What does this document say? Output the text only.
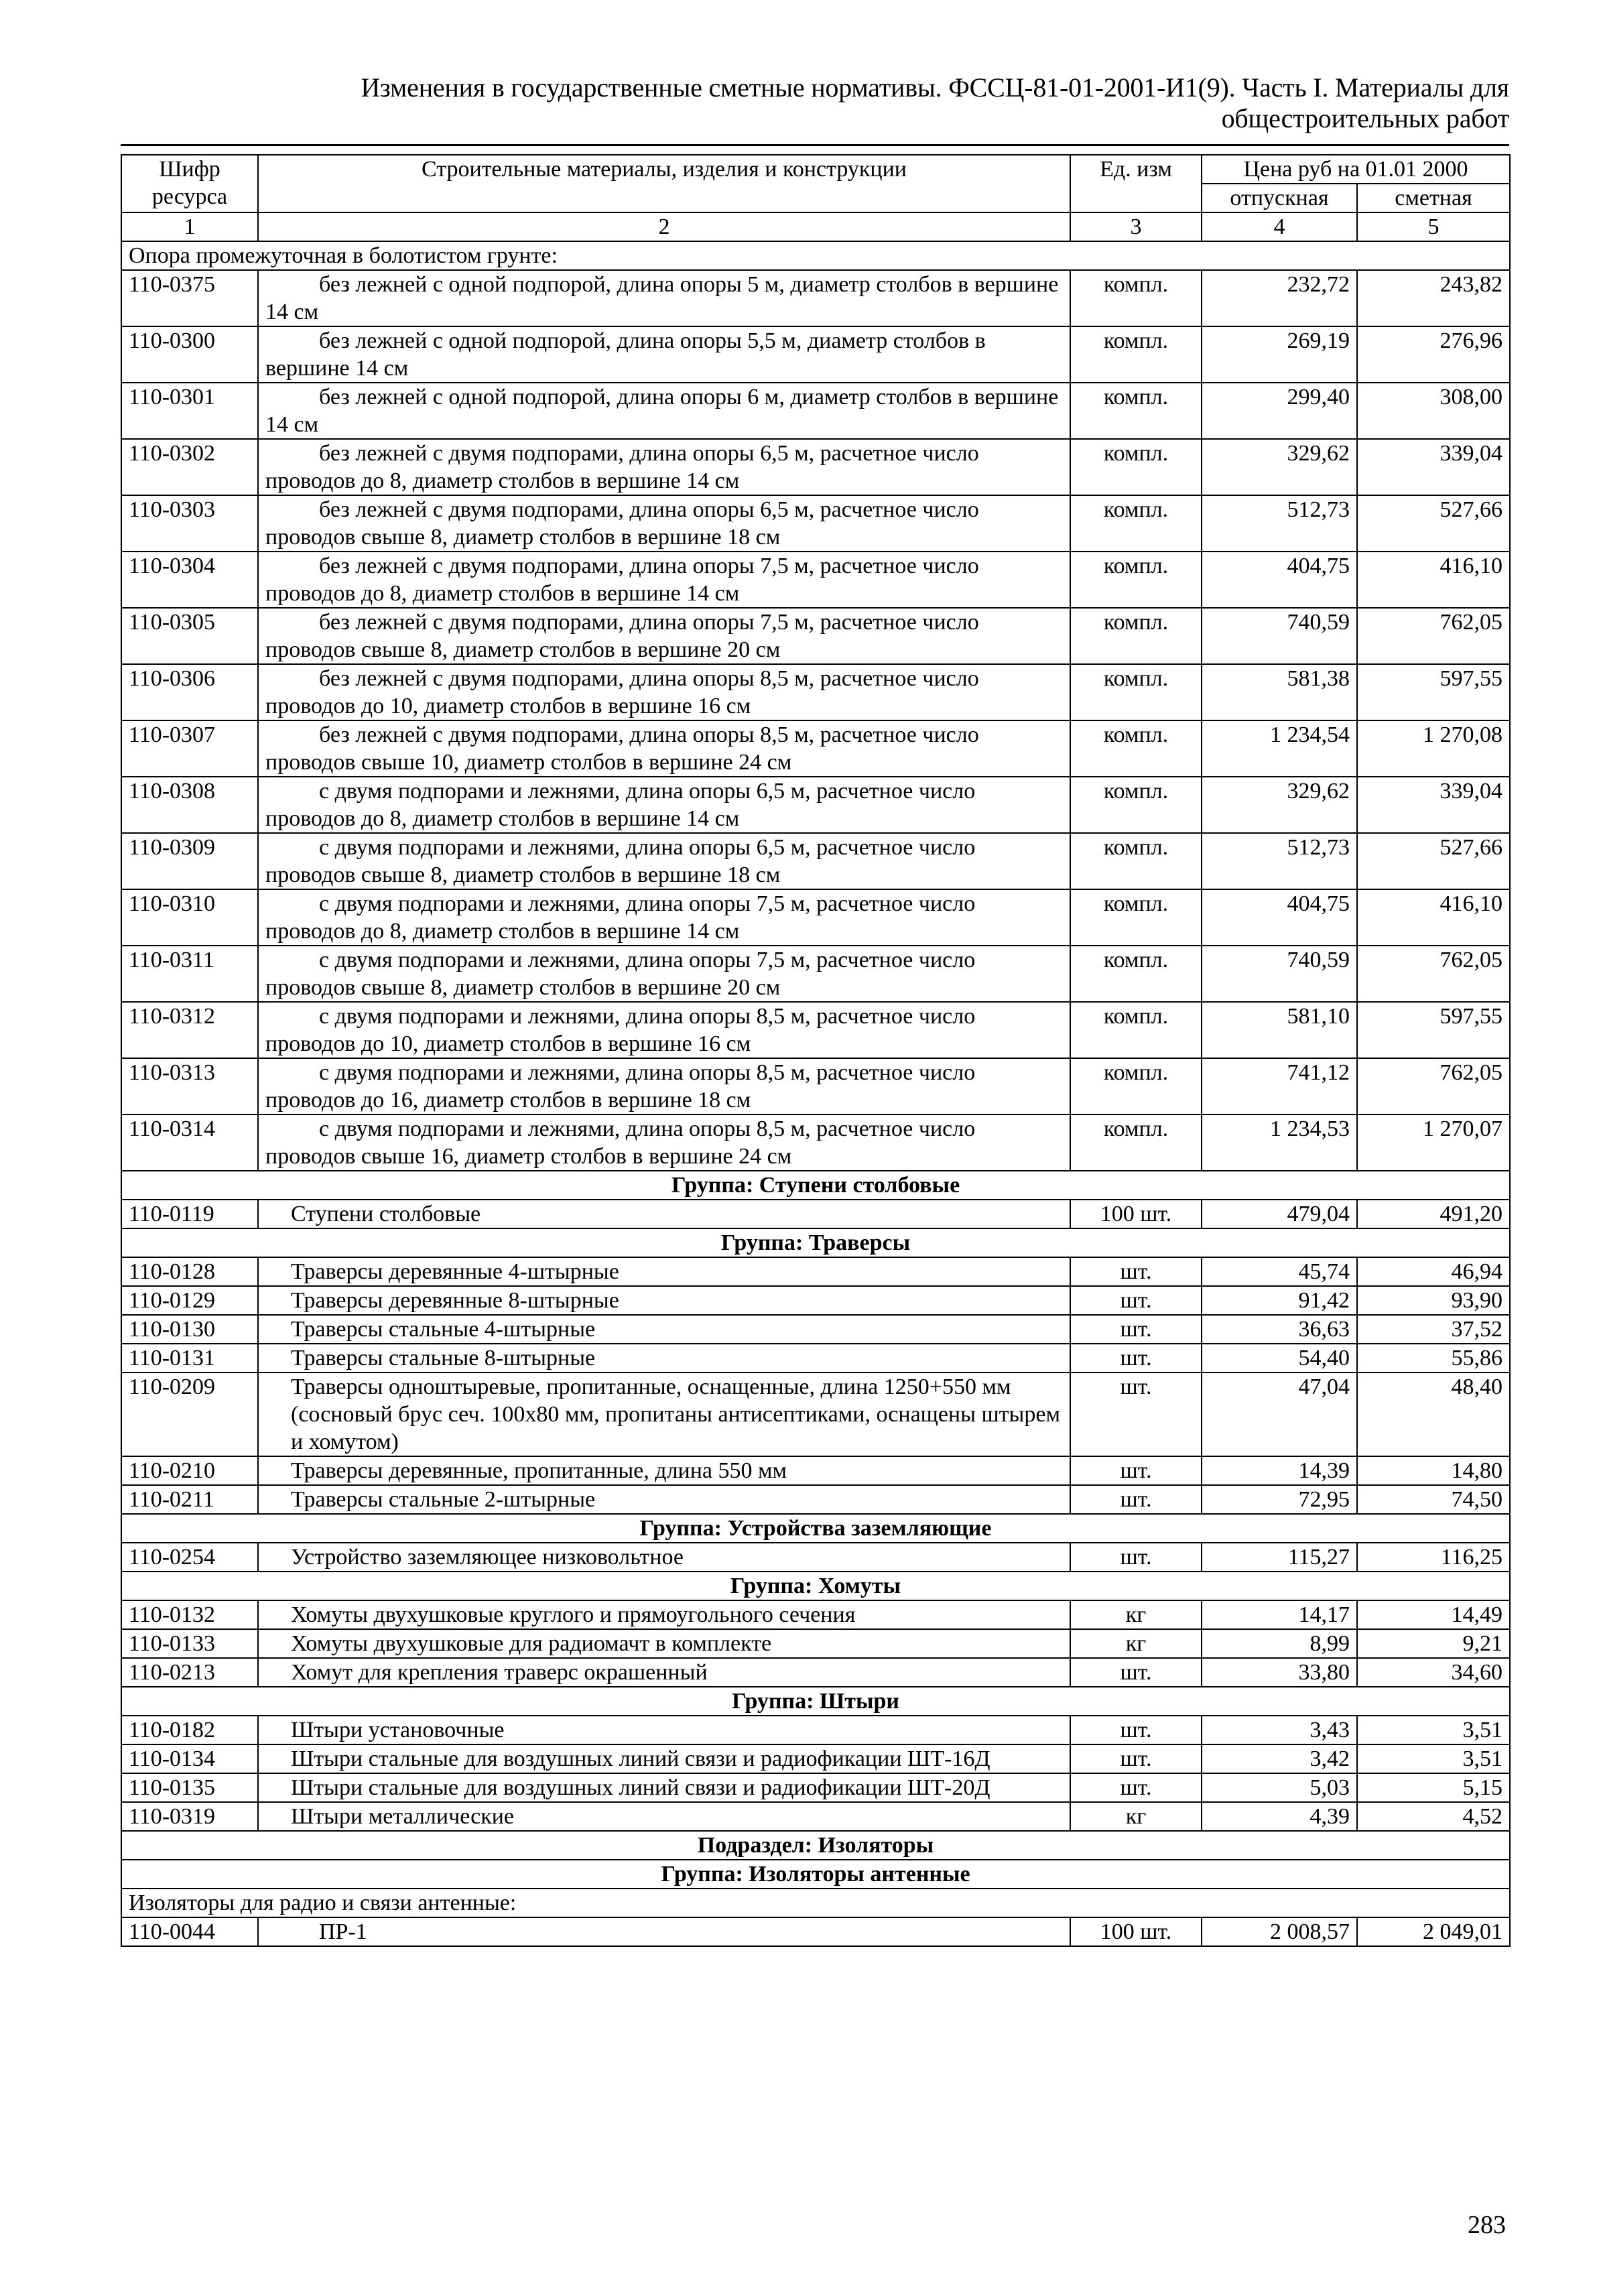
Изменения в государственные сметные нормативы. ФССЦ-81-01-2001-И1(9). Часть I. Материалы для
общестроительных работ
Шифр ресурса	Строительные материалы, изделия и конструкции	Ед. изм	Цена руб на 01.01 2000	
			отпускная	сметная
1	2	3	4	5
Опора промежуточная в болотистом грунте:				
110-0375	без лежней с одной подпорой, длина опоры 5 м, диаметр столбов в вершине 14 см	компл.	232,72	243,82
110-0300	без лежней с одной подпорой, длина опоры 5,5 м, диаметр столбов в вершине 14 см	компл.	269,19	276,96
110-0301	без лежней с одной подпорой, длина опоры 6 м, диаметр столбов в вершине 14 см	компл.	299,40	308,00
110-0302	без лежней с двумя подпорами, длина опоры 6,5 м, расчетное число проводов до 8, диаметр столбов в вершине 14 см	компл.	329,62	339,04
110-0303	без лежней с двумя подпорами, длина опоры 6,5 м, расчетное число проводов свыше 8, диаметр столбов в вершине 18 см	компл.	512,73	527,66
110-0304	без лежней с двумя подпорами, длина опоры 7,5 м, расчетное число проводов до 8, диаметр столбов в вершине 14 см	компл.	404,75	416,10
110-0305	без лежней с двумя подпорами, длина опоры 7,5 м, расчетное число проводов свыше 8, диаметр столбов в вершине 20 см	компл.	740,59	762,05
110-0306	без лежней с двумя подпорами, длина опоры 8,5 м, расчетное число проводов до 10, диаметр столбов в вершине 16 см	компл.	581,38	597,55
110-0307	без лежней с двумя подпорами, длина опоры 8,5 м, расчетное число проводов свыше 10, диаметр столбов в вершине 24 см	компл.	1 234,54	1 270,08
110-0308	с двумя подпорами и лежнями, длина опоры 6,5 м, расчетное число проводов до 8, диаметр столбов в вершине 14 см	компл.	329,62	339,04
110-0309	с двумя подпорами и лежнями, длина опоры 6,5 м, расчетное число проводов свыше 8, диаметр столбов в вершине 18 см	компл.	512,73	527,66
110-0310	с двумя подпорами и лежнями, длина опоры 7,5 м, расчетное число проводов до 8, диаметр столбов в вершине 14 см	компл.	404,75	416,10
110-0311	с двумя подпорами и лежнями, длина опоры 7,5 м, расчетное число проводов свыше 8, диаметр столбов в вершине 20 см	компл.	740,59	762,05
110-0312	с двумя подпорами и лежнями, длина опоры 8,5 м, расчетное число проводов до 10, диаметр столбов в вершине 16 см	компл.	581,10	597,55
110-0313	с двумя подпорами и лежнями, длина опоры 8,5 м, расчетное число проводов до 16, диаметр столбов в вершине 18 см	компл.	741,12	762,05
110-0314	с двумя подпорами и лежнями, длина опоры 8,5 м, расчетное число проводов свыше 16, диаметр столбов в вершине 24 см	компл.	1 234,53	1 270,07
Группа: Ступени столбовые				
110-0119	Ступени столбовые	100 шт.	479,04	491,20
Группа: Траверсы				
110-0128	Траверсы деревянные 4-штырные	шт.	45,74	46,94
110-0129	Траверсы деревянные 8-штырные	шт.	91,42	93,90
110-0130	Траверсы стальные 4-штырные	шт.	36,63	37,52
110-0131	Траверсы стальные 8-штырные	шт.	54,40	55,86
110-0209	Траверсы одноштыревые, пропитанные, оснащенные, длина 1250+550 мм (сосновый брус сеч. 100х80 мм, пропитаны антисептиками, оснащены штырем и хомутом)	шт.	47,04	48,40
110-0210	Траверсы деревянные, пропитанные, длина 550 мм	шт.	14,39	14,80
110-0211	Траверсы стальные 2-штырные	шт.	72,95	74,50
Группа: Устройства заземляющие				
110-0254	Устройство заземляющее низковольтное	шт.	115,27	116,25
Группа: Хомуты				
110-0132	Хомуты двухушковые круглого и прямоугольного сечения	кг	14,17	14,49
110-0133	Хомуты двухушковые для радиомачт в комплекте	кг	8,99	9,21
110-0213	Хомут для крепления траверс окрашенный	шт.	33,80	34,60
Группа: Штыри				
110-0182	Штыри установочные	шт.	3,43	3,51
110-0134	Штыри стальные для воздушных линий связи и радиофикации ШТ-16Д	шт.	3,42	3,51
110-0135	Штыри стальные для воздушных линий связи и радиофикации ШТ-20Д	шт.	5,03	5,15
110-0319	Штыри металлические	кг	4,39	4,52
Подраздел: Изоляторы				
Группа: Изоляторы антенные				
Изоляторы для радио и связи антенные:				
110-0044	ПР-1	100 шт.	2 008,57	2 049,01
283
